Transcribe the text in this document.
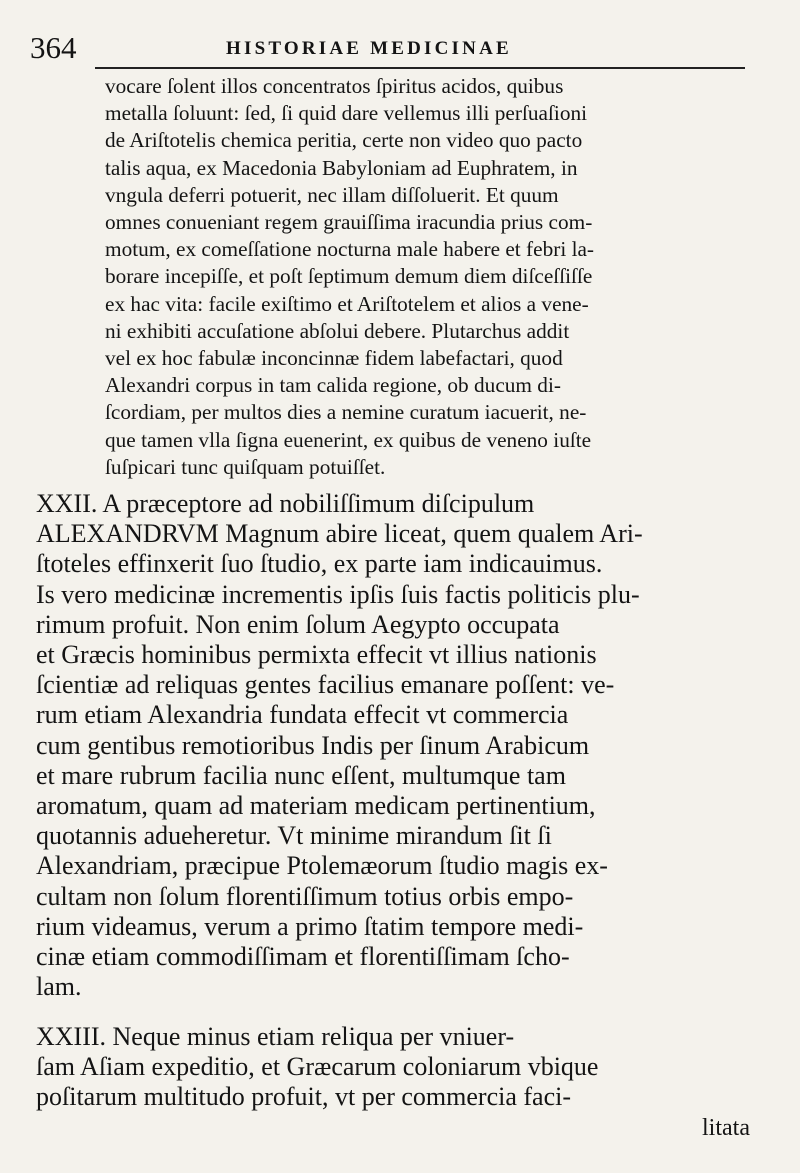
364	HISTORIAE MEDICINAE
vocare ſolent illos concentratos ſpiritus acidos, quibus
metalla ſoluunt: ſed, ſi quid dare vellemus illi perſuaſioni
de Ariſtotelis chemica peritia, certe non video quo pacto
talis aqua, ex Macedonia Babyloniam ad Euphratem, in
vngula deferri potuerit, nec illam diſſoluerit. Et quum
omnes conueniant regem grauiſſima iracundia prius com-
motum, ex comeſſatione nocturna male habere et febri la-
borare incepiſſe, et poſt ſeptimum demum diem diſceſſiſſe
ex hac vita: facile exiſtimo et Ariſtotelem et alios a vene-
ni exhibiti accuſatione abſolui debere. Plutarchus addit
vel ex hoc fabulæ inconcinnæ fidem labefactari, quod
Alexandri corpus in tam calida regione, ob ducum di-
ſcordiam, per multos dies a nemine curatum iacuerit, ne-
que tamen vlla ſigna euenerint, ex quibus de veneno iuſte
ſuſpicari tunc quiſquam potuiſſet.
XXII. A præceptore ad nobiliſſimum diſcipulum
ALEXANDRVM Magnum abire liceat, quem qualem Ari-
ſtoteles effinxerit ſuo ſtudio, ex parte iam indicauimus.
Is vero medicinæ incrementis ipſis ſuis factis politicis plu-
rimum profuit. Non enim ſolum Aegypto occupata
et Græcis hominibus permixta effecit vt illius nationis
ſcientiæ ad reliquas gentes facilius emanare poſſent: ve-
rum etiam Alexandria fundata effecit vt commercia
cum gentibus remotioribus Indis per ſinum Arabicum
et mare rubrum facilia nunc eſſent, multumque tam
aromatum, quam ad materiam medicam pertinentium,
quotannis adueheretur. Vt minime mirandum ſit ſi
Alexandriam, præcipue Ptolemæorum ſtudio magis ex-
cultam non ſolum florentiſſimum totius orbis empo-
rium videamus, verum a primo ſtatim tempore medi-
cinæ etiam commodiſſimam et florentiſſimam ſcho-
lam.
XXIII. Neque minus etiam reliqua per vniuer-
ſam Aſiam expeditio, et Græcarum coloniarum vbique
poſitarum multitudo profuit, vt per commercia faci-
litata
